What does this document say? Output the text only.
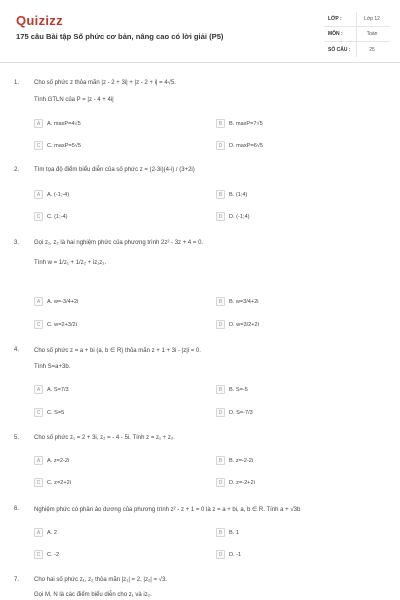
Quizizz
175 câu Bài tập Số phức cơ bản, nâng cao có lời giải (P5)
LỚP :	Lớp 12
MÔN :	Toán
SỐ CÂU :	25
1. Cho số phức z thỏa mãn |z - 2 + 3i| + |z - 2 + i| = 4√5.
Tính GTLN của P = |z - 4 + 4i|
A	A. maxP=4√5	B	B. maxP=7√5
C	C. maxP=5√5	D	D. maxP=6√5
2. Tìm tọa độ điểm biểu diễn của số phức z = (2-3i)(4-i) / (3+2i)
A	A. (-1;-4)	B	B. (1;4)
C	C. (1;-4)	D	D. (-1;4)
3. Gọi z₁, z₂ là hai nghiệm phức của phương trình 2z² - 3z + 4 = 0.
Tính w = 1/z₁ + 1/z₂ + iz₁z₂.
A	A. w=-3/4+2i	B	B. w=3/4+2i
C	C. w=2+3/2i	D	D. w=3/2+2i
4. Cho số phức z = a + bi (a, b ∈ R) thỏa mãn z + 1 + 3i - |z|i = 0.
Tính S=a+3b.
A	A. S=7/3	B	B. S=-5
C	C. S=5	D	D. S=-7/3
5. Cho số phức z₁ = 2 + 3i, z₂ = - 4 - 5i. Tính z = z₁ + z₂.
A	A. z=2-2i	B	B. z=-2-2i
C	C. z=2+2i	D	D. z=-2+2i
6. Nghiệm phức có phần ảo dương của phương trình z² - z + 1 = 0 là z = a + bi, a, b ∈ R. Tính a + √3b
A	A. 2	B	B. 1
C	C. -2	D	D. -1
7. Cho hai số phức z₁, z₂ thỏa mãn |z₁| = 2, |z₂| = √3.
Gọi M, N là các điểm biểu diễn cho z₁ và iz₂.
